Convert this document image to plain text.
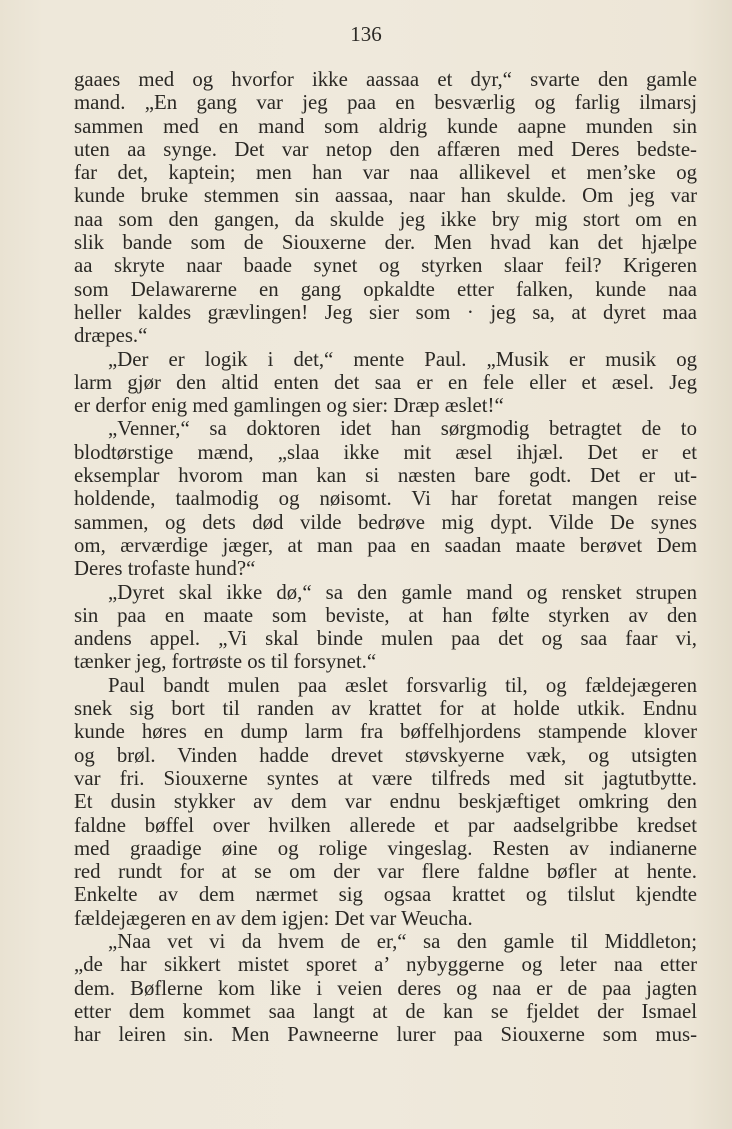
136
gaaes med og hvorfor ikke aassaa et dyr,“ svarte den gamle
mand. „En gang var jeg paa en besværlig og farlig ilmarsj
sammen med en mand som aldrig kunde aapne munden sin
uten aa synge. Det var netop den affæren med Deres bedste-
far det, kaptein; men han var naa allikevel et men’ske og
kunde bruke stemmen sin aassaa, naar han skulde. Om jeg var
naa som den gangen, da skulde jeg ikke bry mig stort om en
slik bande som de Siouxerne der. Men hvad kan det hjælpe
aa skryte naar baade synet og styrken slaar feil? Krigeren
som Delawarerne en gang opkaldte etter falken, kunde naa
heller kaldes grævlingen! Jeg sier som · jeg sa, at dyret maa
dræpes.“
„Der er logik i det,“ mente Paul. „Musik er musik og
larm gjør den altid enten det saa er en fele eller et æsel. Jeg
er derfor enig med gamlingen og sier: Dræp æslet!“
„Venner,“ sa doktoren idet han sørgmodig betragtet de to
blodtørstige mænd, „slaa ikke mit æsel ihjæl. Det er et
eksemplar hvorom man kan si næsten bare godt. Det er ut-
holdende, taalmodig og nøisomt. Vi har foretat mangen reise
sammen, og dets død vilde bedrøve mig dypt. Vilde De synes
om, ærværdige jæger, at man paa en saadan maate berøvet Dem
Deres trofaste hund?“
„Dyret skal ikke dø,“ sa den gamle mand og rensket strupen
sin paa en maate som beviste, at han følte styrken av den
andens appel. „Vi skal binde mulen paa det og saa faar vi,
tænker jeg, fortrøste os til forsynet.“
Paul bandt mulen paa æslet forsvarlig til, og fældejægeren
snek sig bort til randen av krattet for at holde utkik. Endnu
kunde høres en dump larm fra bøffelhjordens stampende klover
og brøl. Vinden hadde drevet støvskyerne væk, og utsigten
var fri. Siouxerne syntes at være tilfreds med sit jagtutbytte.
Et dusin stykker av dem var endnu beskjæftiget omkring den
faldne bøffel over hvilken allerede et par aadselgribbe kredset
med graadige øine og rolige vingeslag. Resten av indianerne
red rundt for at se om der var flere faldne bøfler at hente.
Enkelte av dem nærmet sig ogsaa krattet og tilslut kjendte
fældejægeren en av dem igjen: Det var Weucha.
„Naa vet vi da hvem de er,“ sa den gamle til Middleton;
„de har sikkert mistet sporet a’ nybyggerne og leter naa etter
dem. Bøflerne kom like i veien deres og naa er de paa jagten
etter dem kommet saa langt at de kan se fjeldet der Ismael
har leiren sin. Men Pawneerne lurer paa Siouxerne som mus-
